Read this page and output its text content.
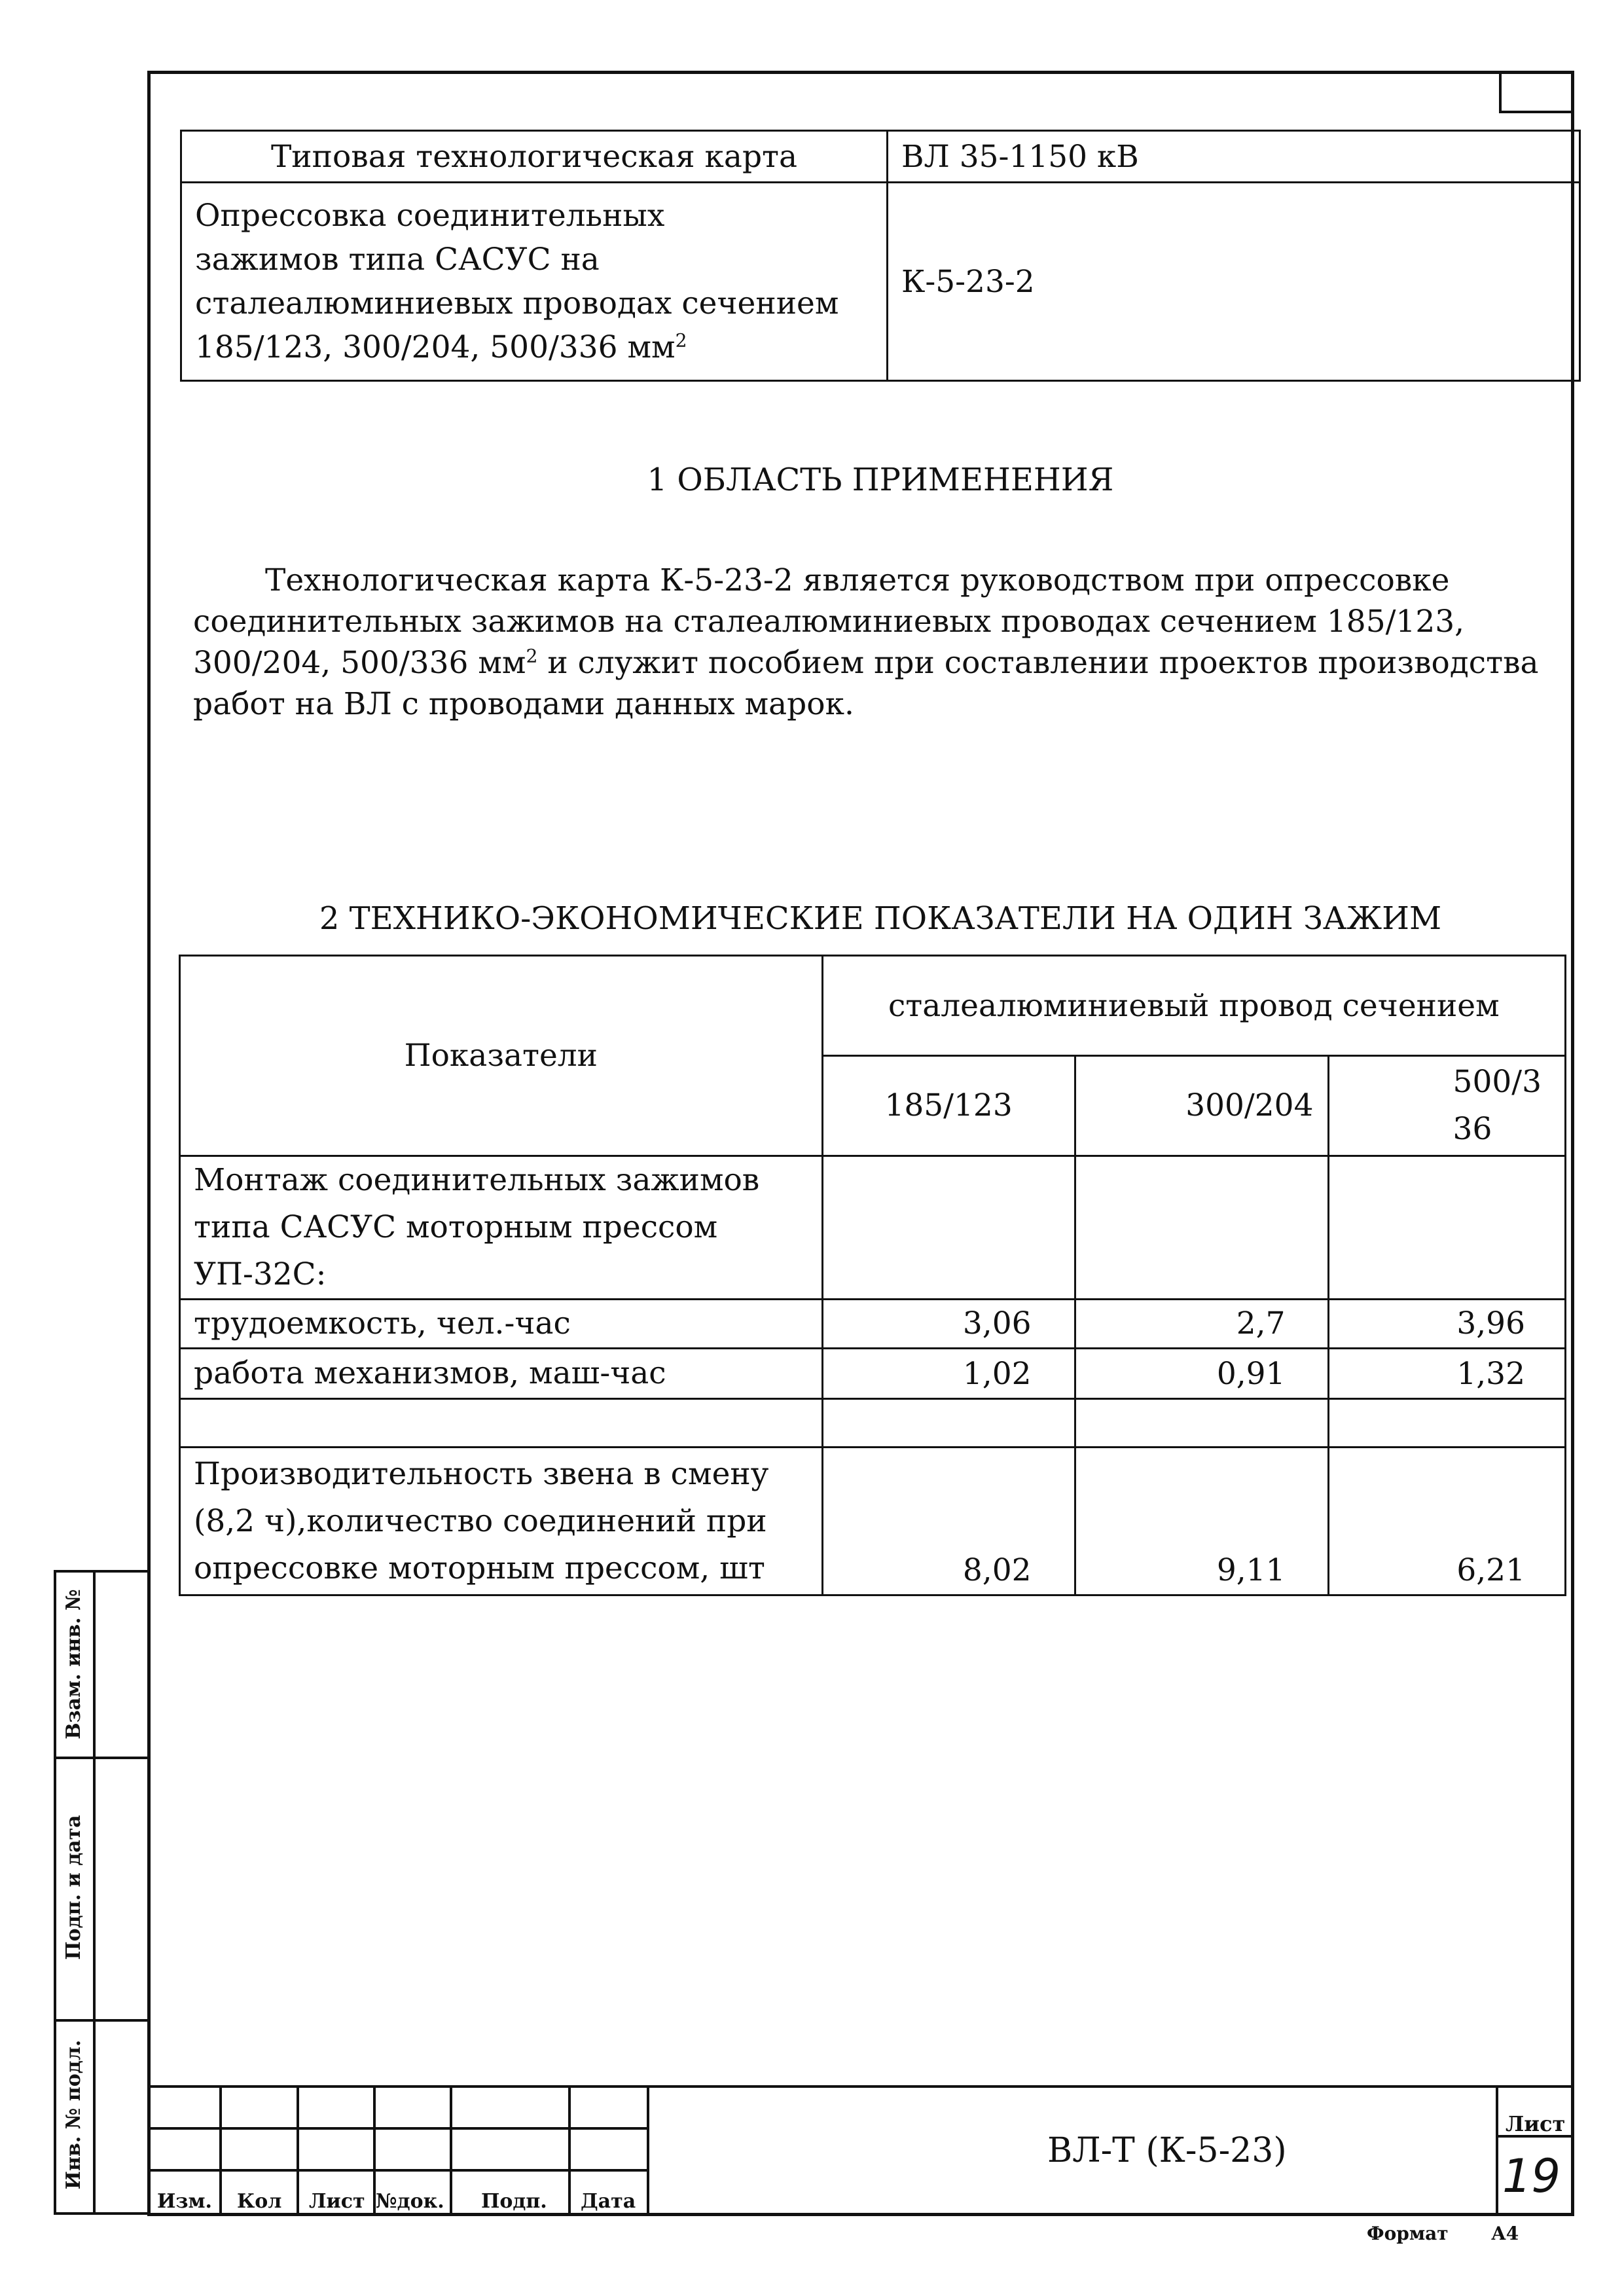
Типовая технологическая карта	ВЛ 35-1150 кВ
Опрессовка соединительных
зажимов типа САСУС на
сталеалюминиевых проводах сечением
185/123, 300/204, 500/336 $мм^2$	К-5-23-2
1 ОБЛАСТЬ ПРИМЕНЕНИЯ
Технологическая карта К-5-23-2 является руководством при опрессовке соединительных зажимов на сталеалюминиевых проводах сечением 185/123, 300/204, 500/336 $мм^2$ и служит пособием при составлении проектов производства работ на ВЛ с проводами данных марок.
2 ТЕХНИКО-ЭКОНОМИЧЕСКИЕ ПОКАЗАТЕЛИ НА ОДИН ЗАЖИМ
Показатели	сталеалюминиевый провод сечением		
	185/123	300/204	500/3
36
Монтаж соединительных зажимов типа САСУС моторным прессом УП-32С:			
трудоемкость, чел.-час	3,06	2,7	3,96
работа механизмов, маш-час	1,02	0,91	1,32

Производительность звена в смену (8,2 ч),количество соединений при опрессовке моторным прессом, шт	8,02	9,11	6,21
Взам. инв. №
Подп. и дата
Инв. № подл.
Изм. Кол Лист №док. Подп. Дата
ВЛ-Т (К-5-23)
Лист
19
Формат А4
